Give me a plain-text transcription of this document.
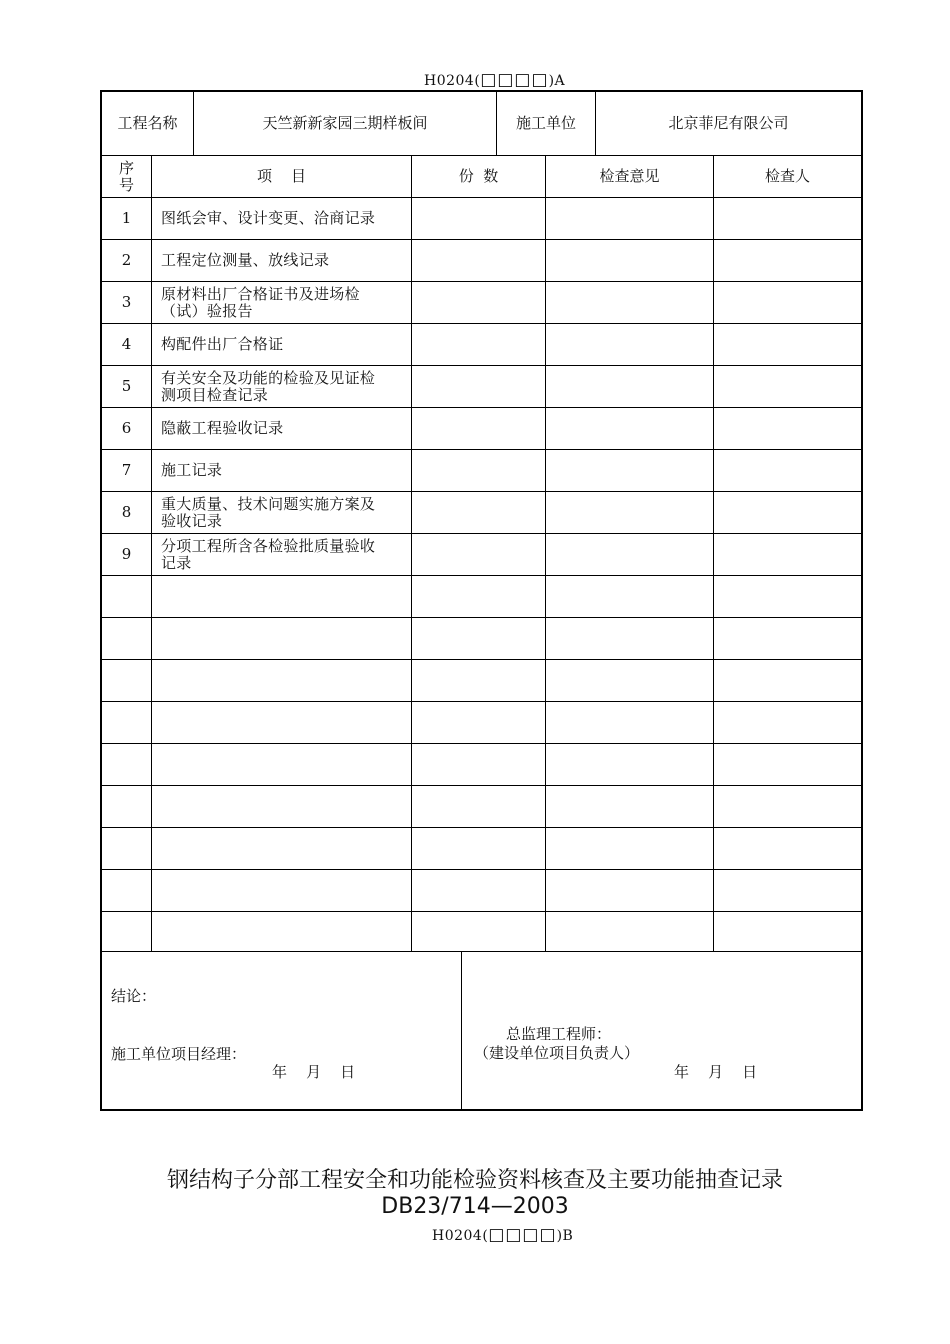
H0204(□□□□)A
工程名称	天竺新新家园三期样板间	施工单位	北京菲尼有限公司
序
号	项    目	份  数	检查意见	检查人
1	图纸会审、设计变更、洽商记录
2	工程定位测量、放线记录
3	原材料出厂合格证书及进场检
（试）验报告
4	构配件出厂合格证
5	有关安全及功能的检验及见证检
测项目检查记录
6	隐蔽工程验收记录
7	施工记录
8	重大质量、技术问题实施方案及
验收记录
9	分项工程所含各检验批质量验收
记录
结论：
施工单位项目经理：
年    月    日
总监理工程师：
（建设单位项目负责人）
年    月    日
钢结构子分部工程安全和功能检验资料核查及主要功能抽查记录
DB23/714—2003
H0204(□□□□)B
